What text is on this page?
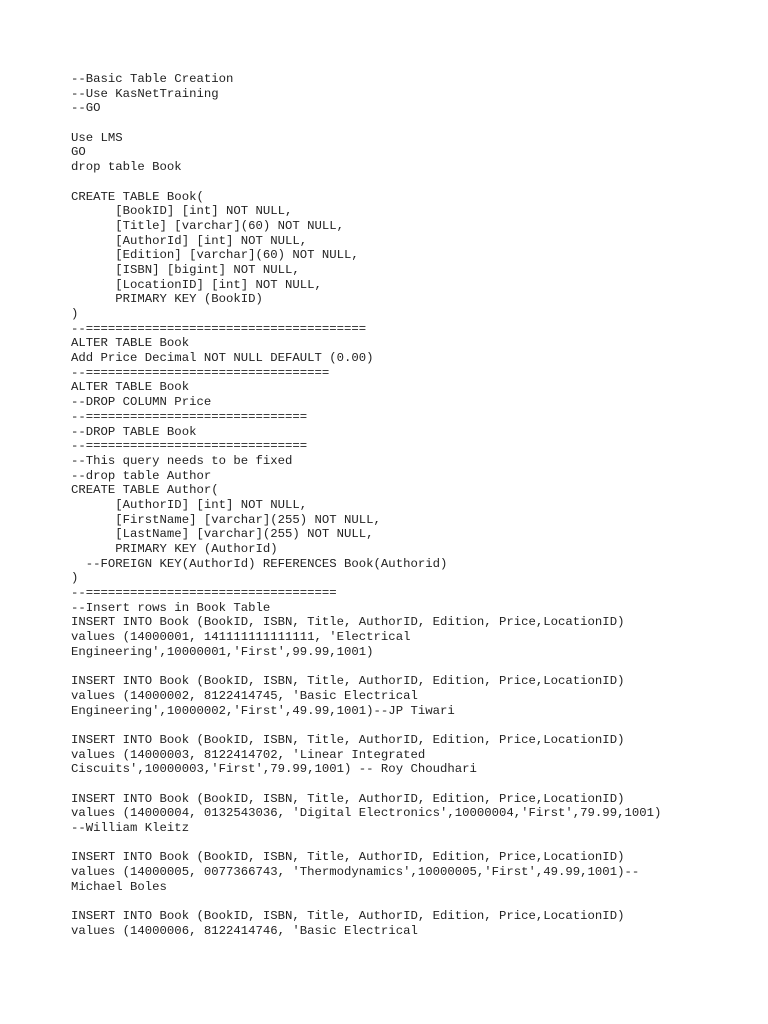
--Basic Table Creation
--Use KasNetTraining
--GO
Use LMS
GO
drop table Book
CREATE TABLE Book(
[BookID] [int] NOT NULL,
[Title] [varchar](60) NOT NULL,
[AuthorId] [int] NOT NULL,
[Edition] [varchar](60) NOT NULL,
[ISBN] [bigint] NOT NULL,
[LocationID] [int] NOT NULL,
PRIMARY KEY (BookID)
)
--======================================
ALTER TABLE Book
Add Price Decimal NOT NULL DEFAULT (0.00)
--=================================
ALTER TABLE Book
--DROP COLUMN Price
--==============================
--DROP TABLE Book
--==============================
--This query needs to be fixed
--drop table Author
CREATE TABLE Author(
[AuthorID] [int] NOT NULL,
[FirstName] [varchar](255) NOT NULL,
[LastName] [varchar](255) NOT NULL,
PRIMARY KEY (AuthorId)
--FOREIGN KEY(AuthorId) REFERENCES Book(Authorid)
)
--==================================
--Insert rows in Book Table
INSERT INTO Book (BookID, ISBN, Title, AuthorID, Edition, Price,LocationID)
values (14000001, 141111111111111, 'Electrical
Engineering',10000001,'First',99.99,1001)
INSERT INTO Book (BookID, ISBN, Title, AuthorID, Edition, Price,LocationID)
values (14000002, 8122414745, 'Basic Electrical
Engineering',10000002,'First',49.99,1001)--JP Tiwari
INSERT INTO Book (BookID, ISBN, Title, AuthorID, Edition, Price,LocationID)
values (14000003, 8122414702, 'Linear Integrated
Ciscuits',10000003,'First',79.99,1001) -- Roy Choudhari
INSERT INTO Book (BookID, ISBN, Title, AuthorID, Edition, Price,LocationID)
values (14000004, 0132543036, 'Digital Electronics',10000004,'First',79.99,1001)
--William Kleitz
INSERT INTO Book (BookID, ISBN, Title, AuthorID, Edition, Price,LocationID)
values (14000005, 0077366743, 'Thermodynamics',10000005,'First',49.99,1001)--
Michael Boles
INSERT INTO Book (BookID, ISBN, Title, AuthorID, Edition, Price,LocationID)
values (14000006, 8122414746, 'Basic Electrical
